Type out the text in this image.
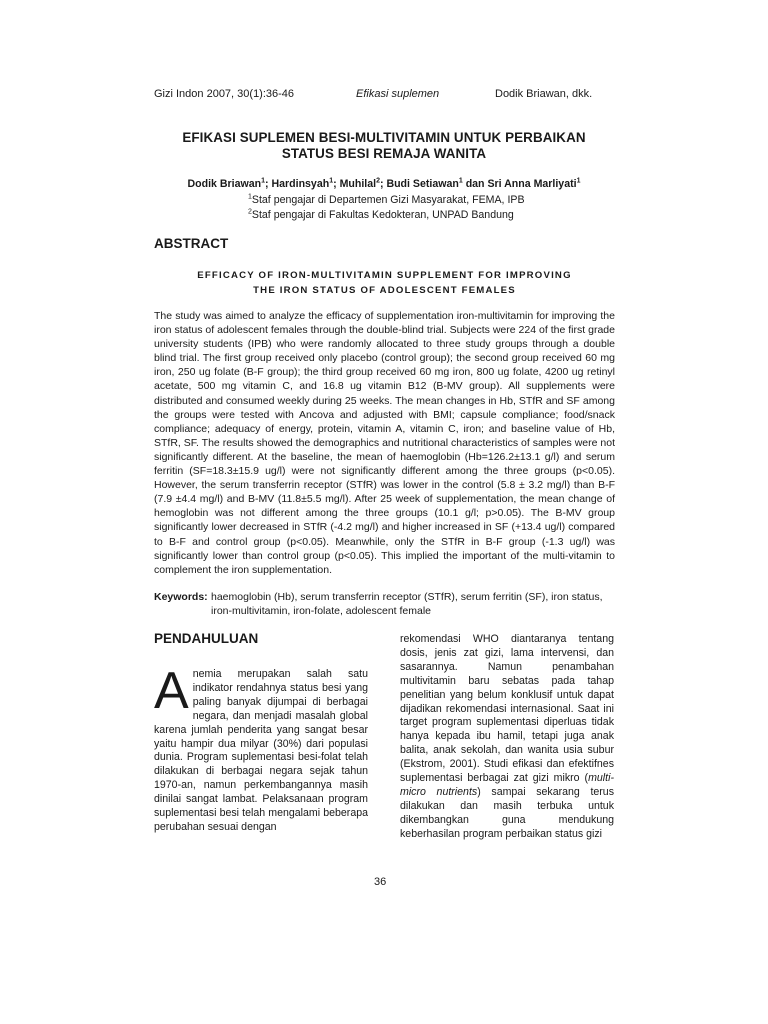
Gizi Indon 2007, 30(1):36-46	Efikasi suplemen	Dodik Briawan, dkk.
EFIKASI SUPLEMEN BESI-MULTIVITAMIN UNTUK PERBAIKAN
STATUS BESI REMAJA WANITA
Dodik Briawan$^1$; Hardinsyah$^1$; Muhilal$^2$; Budi Setiawan$^1$ dan Sri Anna Marliyati$^1$
$^1$Staf pengajar di Departemen Gizi Masyarakat, FEMA, IPB
$^2$Staf pengajar di Fakultas Kedokteran, UNPAD Bandung
ABSTRACT
EFFICACY OF IRON-MULTIVITAMIN SUPPLEMENT FOR IMPROVING
THE IRON STATUS OF ADOLESCENT FEMALES
The study was aimed to analyze the efficacy of supplementation iron-multivitamin for improving the iron status of adolescent females through the double-blind trial. Subjects were 224 of the first grade university students (IPB) who were randomly allocated to three study groups through a double blind trial. The first group received only placebo (control group); the second group received 60 mg iron, 250 ug folate (B-F group); the third group received 60 mg iron, 800 ug folate, 4200 ug retinyl acetate, 500 mg vitamin C, and 16.8 ug vitamin B12 (B-MV group). All supplements were distributed and consumed weekly during 25 weeks. The mean changes in Hb, STfR and SF among the groups were tested with Ancova and adjusted with BMI; capsule compliance; food/snack compliance; adequacy of energy, protein, vitamin A, vitamin C, iron; and baseline value of Hb, STfR, SF. The results showed the demographics and nutritional characteristics of samples were not significantly different. At the baseline, the mean of haemoglobin (Hb=126.2±13.1 g/l) and serum ferritin (SF=18.3±15.9 ug/l) were not significantly different among the three groups (p<0.05). However, the serum transferrin receptor (STfR) was lower in the control (5.8 ± 3.2 mg/l) than B-F (7.9 ±4.4 mg/l) and B-MV (11.8±5.5 mg/l). After 25 week of supplementation, the mean change of hemoglobin was not different among the three groups (10.1 g/l; p>0.05). The B-MV group significantly lower decreased in STfR (-4.2 mg/l) and higher increased in SF (+13.4 ug/l) compared to B-F and control group (p<0.05). Meanwhile, only the STfR in B-F group (-1.3 ug/l) was significantly lower than control group (p<0.05). This implied the important of the multi-vitamin to complement the iron supplementation.
Keywords: haemoglobin (Hb), serum transferrin receptor (STfR), serum ferritin (SF), iron status, iron-multivitamin, iron-folate, adolescent female
PENDAHULUAN
Anemia merupakan salah satu indikator rendahnya status besi yang paling banyak dijumpai di berbagai negara, dan menjadi masalah global karena jumlah penderita yang sangat besar yaitu hampir dua milyar (30%) dari populasi dunia. Program suplementasi besi-folat telah dilakukan di berbagai negara sejak tahun 1970-an, namun perkembangannya masih dinilai sangat lambat. Pelaksanaan program suplementasi besi telah mengalami beberapa perubahan sesuai dengan
rekomendasi WHO diantaranya tentang dosis, jenis zat gizi, lama intervensi, dan sasarannya. Namun penambahan multivitamin baru sebatas pada tahap penelitian yang belum konklusif untuk dapat dijadikan rekomendasi internasional. Saat ini target program suplementasi diperluas tidak hanya kepada ibu hamil, tetapi juga anak balita, anak sekolah, dan wanita usia subur (Ekstrom, 2001). Studi efikasi dan efektifnes suplementasi berbagai zat gizi mikro (multi-micro nutrients) sampai sekarang terus dilakukan dan masih terbuka untuk dikembangkan guna mendukung keberhasilan program perbaikan status gizi
36
